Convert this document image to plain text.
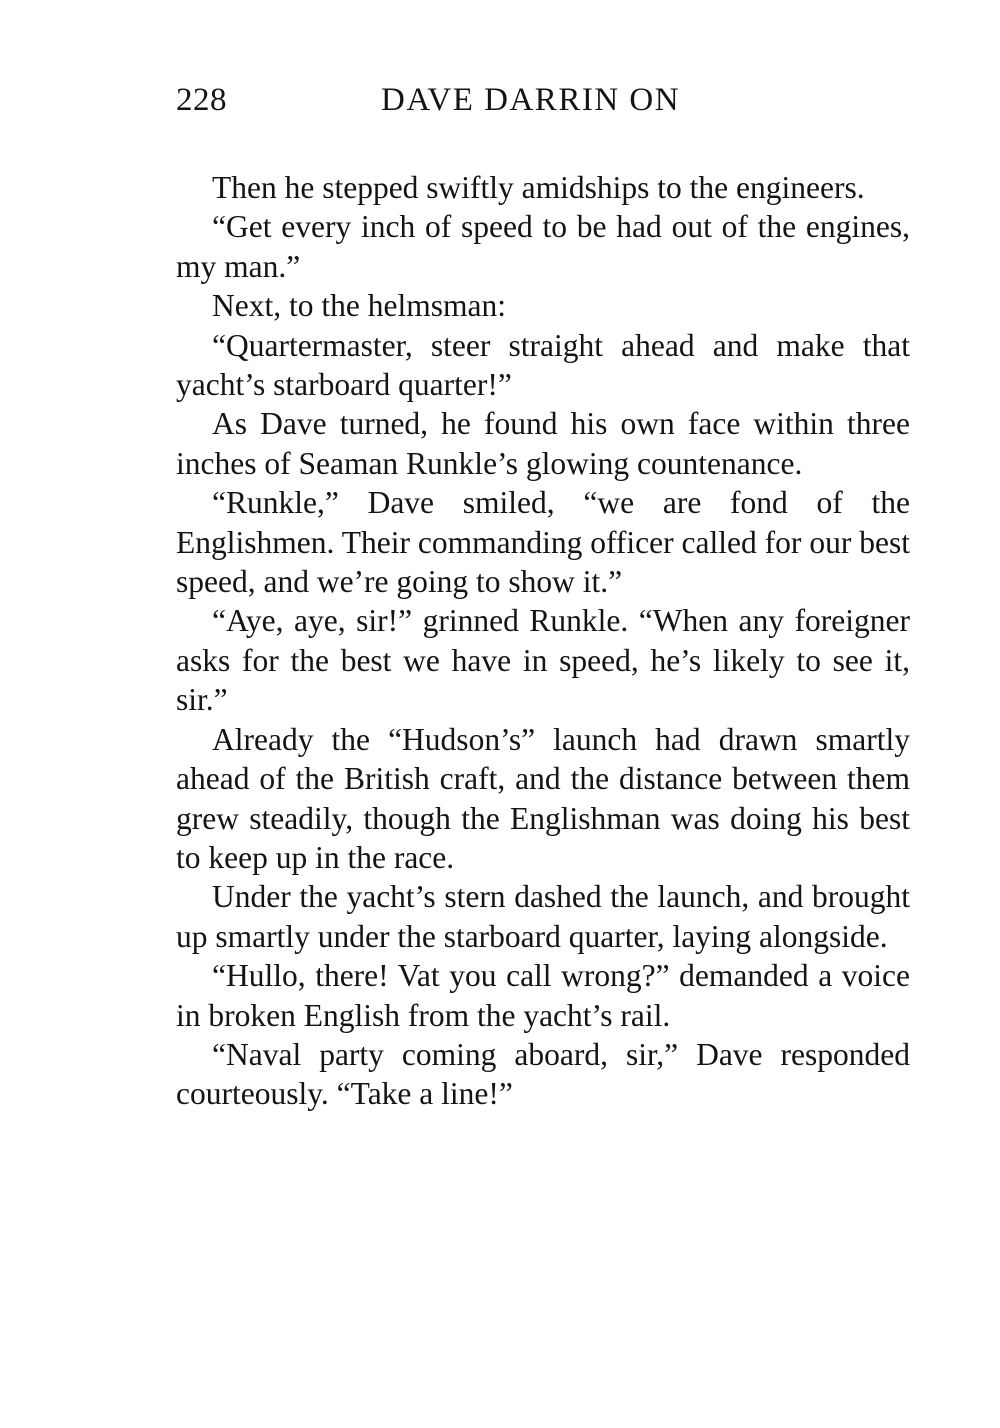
228	DAVE DARRIN ON

Then he stepped swiftly amidships to the engineers.

“Get every inch of speed to be had out of the engines, my man.”

Next, to the helmsman:

“Quartermaster, steer straight ahead and make that yacht’s starboard quarter!”

As Dave turned, he found his own face within three inches of Seaman Runkle’s glowing countenance.

“Runkle,” Dave smiled, “we are fond of the Englishmen. Their commanding officer called for our best speed, and we’re going to show it.”

“Aye, aye, sir!” grinned Runkle. “When any foreigner asks for the best we have in speed, he’s likely to see it, sir.”

Already the “Hudson’s” launch had drawn smartly ahead of the British craft, and the distance between them grew steadily, though the Englishman was doing his best to keep up in the race.

Under the yacht’s stern dashed the launch, and brought up smartly under the starboard quarter, laying alongside.

“Hullo, there! Vat you call wrong?” demanded a voice in broken English from the yacht’s rail.

“Naval party coming aboard, sir,” Dave responded courteously. “Take a line!”
